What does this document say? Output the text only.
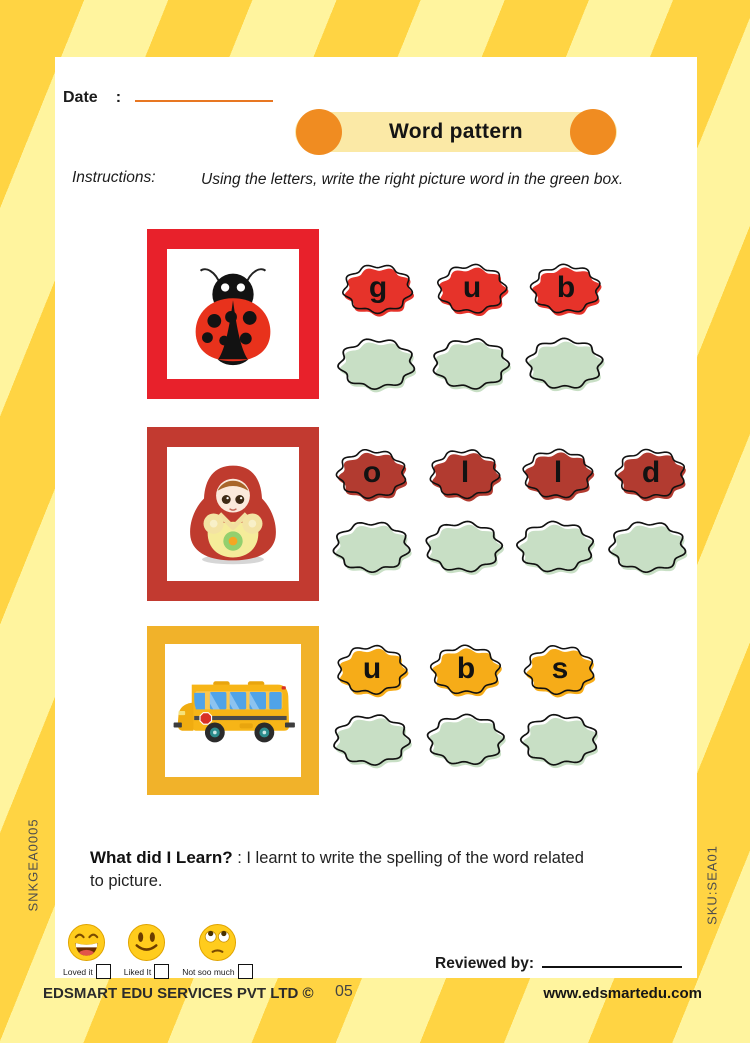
Date :
Word pattern
Instructions:	Using the letters, write the right picture word in the green box.
g	u	b
o	l	l	d
u	b	s
What did I Learn? : I learnt to write the spelling of the word related to picture.
Loved it	Liked It	Not soo much	Reviewed by:
EDSMART EDU SERVICES PVT LTD © 05	www.edsmartedu.com
SNKGEA0005	SKU:SEA01
